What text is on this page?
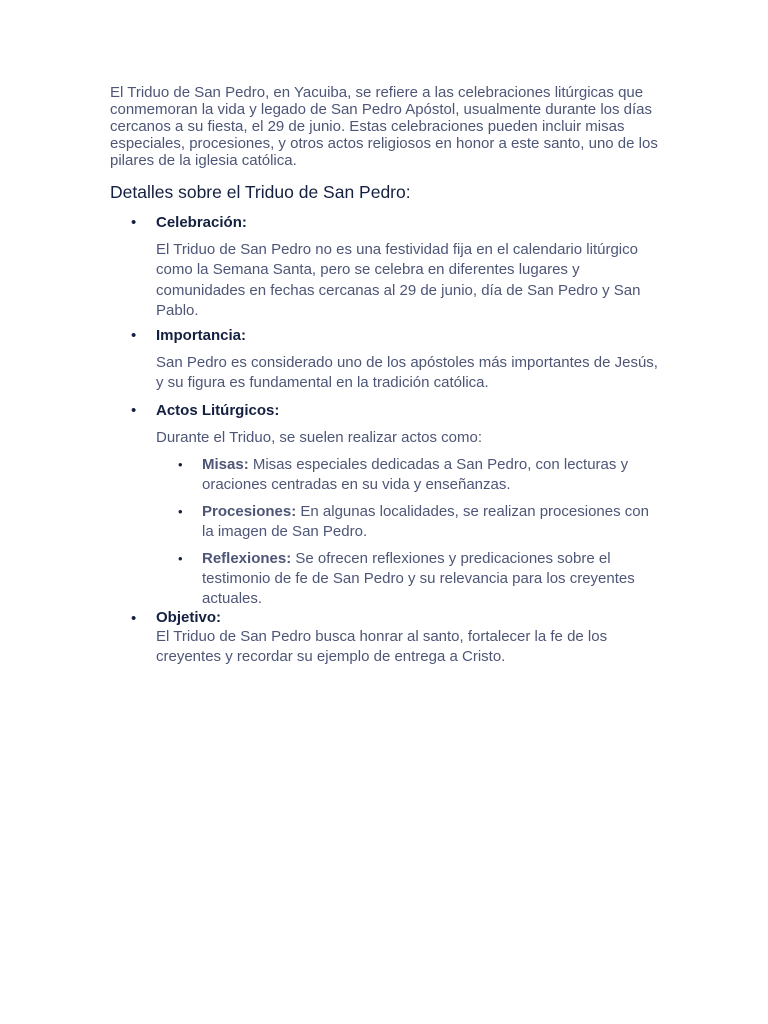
El Triduo de San Pedro, en Yacuiba, se refiere a las celebraciones litúrgicas que conmemoran la vida y legado de San Pedro Apóstol, usualmente durante los días cercanos a su fiesta, el 29 de junio. Estas celebraciones pueden incluir misas especiales, procesiones, y otros actos religiosos en honor a este santo, uno de los pilares de la iglesia católica.

Detalles sobre el Triduo de San Pedro:
• Celebración:
El Triduo de San Pedro no es una festividad fija en el calendario litúrgico como la Semana Santa, pero se celebra en diferentes lugares y comunidades en fechas cercanas al 29 de junio, día de San Pedro y San Pablo.
• Importancia:
San Pedro es considerado uno de los apóstoles más importantes de Jesús, y su figura es fundamental en la tradición católica.
• Actos Litúrgicos:
Durante el Triduo, se suelen realizar actos como:
• Misas: Misas especiales dedicadas a San Pedro, con lecturas y oraciones centradas en su vida y enseñanzas.
• Procesiones: En algunas localidades, se realizan procesiones con la imagen de San Pedro.
• Reflexiones: Se ofrecen reflexiones y predicaciones sobre el testimonio de fe de San Pedro y su relevancia para los creyentes actuales.
• Objetivo:
El Triduo de San Pedro busca honrar al santo, fortalecer la fe de los creyentes y recordar su ejemplo de entrega a Cristo.
